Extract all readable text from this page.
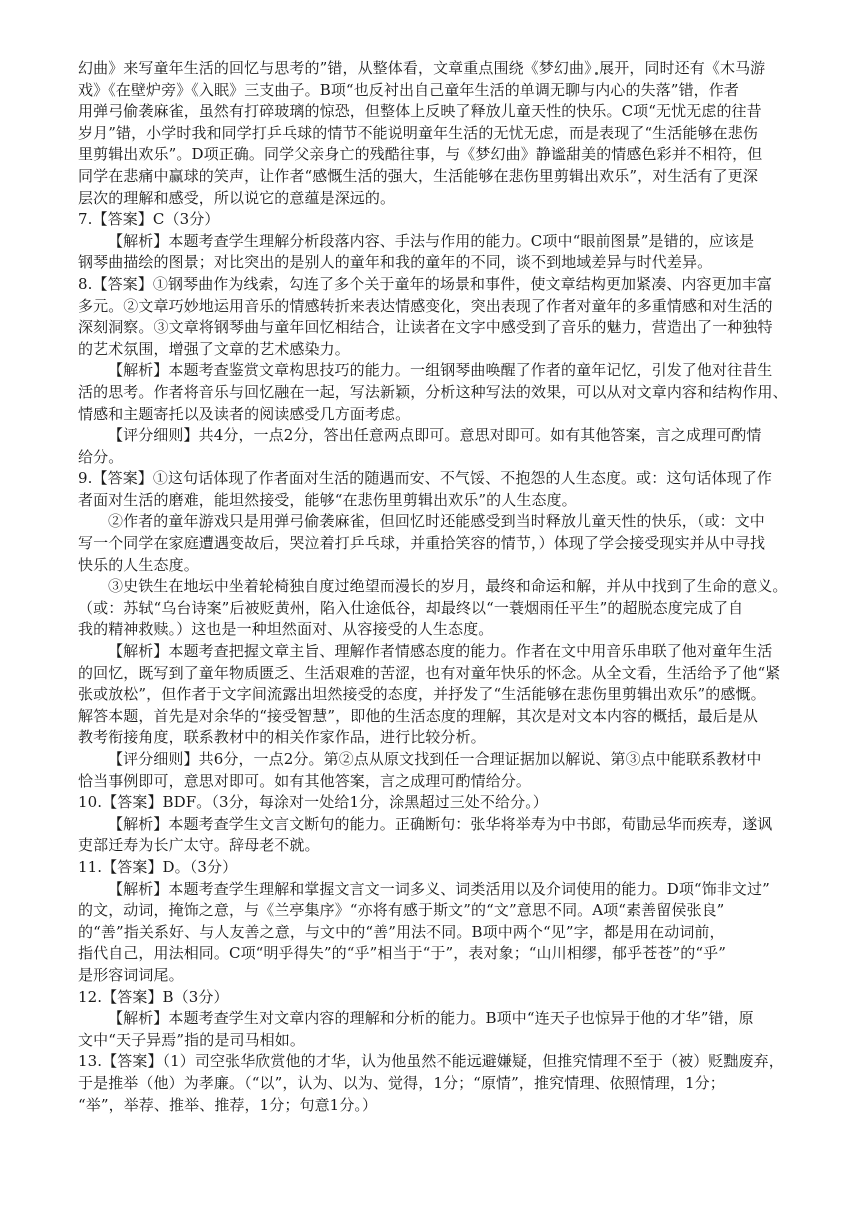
幻曲》来写童年生活的回忆与思考的”错，从整体看，文章重点围绕《梦幻曲》展开，同时还有《木马游
戏》《在壁炉旁》《入眠》三支曲子。B项“也反衬出自己童年生活的单调无聊与内心的失落”错，作者
用弹弓偷袭麻雀，虽然有打碎玻璃的惊恐，但整体上反映了释放儿童天性的快乐。C项“无忧无虑的往昔
岁月”错，小学时我和同学打乒乓球的情节不能说明童年生活的无忧无虑，而是表现了“生活能够在悲伤
里剪辑出欢乐”。D项正确。同学父亲身亡的残酷往事，与《梦幻曲》静谧甜美的情感色彩并不相符，但
同学在悲痛中赢球的笑声，让作者“感慨生活的强大，生活能够在悲伤里剪辑出欢乐”，对生活有了更深
层次的理解和感受，所以说它的意蕴是深远的。
7.【答案】C（3分）
【解析】本题考查学生理解分析段落内容、手法与作用的能力。C项中“眼前图景”是错的，应该是
钢琴曲描绘的图景；对比突出的是别人的童年和我的童年的不同，谈不到地域差异与时代差异。
8.【答案】①钢琴曲作为线索，勾连了多个关于童年的场景和事件，使文章结构更加紧凑、内容更加丰富
多元。②文章巧妙地运用音乐的情感转折来表达情感变化，突出表现了作者对童年的多重情感和对生活的
深刻洞察。③文章将钢琴曲与童年回忆相结合，让读者在文字中感受到了音乐的魅力，营造出了一种独特
的艺术氛围，增强了文章的艺术感染力。
【解析】本题考查鉴赏文章构思技巧的能力。一组钢琴曲唤醒了作者的童年记忆，引发了他对往昔生
活的思考。作者将音乐与回忆融在一起，写法新颖，分析这种写法的效果，可以从对文章内容和结构作用、
情感和主题寄托以及读者的阅读感受几方面考虑。
【评分细则】共4分，一点2分，答出任意两点即可。意思对即可。如有其他答案，言之成理可酌情
给分。
9.【答案】①这句话体现了作者面对生活的随遇而安、不气馁、不抱怨的人生态度。或：这句话体现了作
者面对生活的磨难，能坦然接受，能够“在悲伤里剪辑出欢乐”的人生态度。
②作者的童年游戏只是用弹弓偷袭麻雀，但回忆时还能感受到当时释放儿童天性的快乐，（或：文中
写一个同学在家庭遭遇变故后，哭泣着打乒乓球，并重拾笑容的情节，）体现了学会接受现实并从中寻找
快乐的人生态度。
③史铁生在地坛中坐着轮椅独自度过绝望而漫长的岁月，最终和命运和解，并从中找到了生命的意义。
（或：苏轼“乌台诗案”后被贬黄州，陷入仕途低谷，却最终以“一蓑烟雨任平生”的超脱态度完成了自
我的精神救赎。）这也是一种坦然面对、从容接受的人生态度。
【解析】本题考查把握文章主旨、理解作者情感态度的能力。作者在文中用音乐串联了他对童年生活
的回忆，既写到了童年物质匮乏、生活艰难的苦涩，也有对童年快乐的怀念。从全文看，生活给予了他“紧
张或放松”，但作者于文字间流露出坦然接受的态度，并抒发了“生活能够在悲伤里剪辑出欢乐”的感慨。
解答本题，首先是对余华的“接受智慧”，即他的生活态度的理解，其次是对文本内容的概括，最后是从
教考衔接角度，联系教材中的相关作家作品，进行比较分析。
【评分细则】共6分，一点2分。第②点从原文找到任一合理证据加以解说、第③点中能联系教材中
恰当事例即可，意思对即可。如有其他答案，言之成理可酌情给分。
10.【答案】BDF。（3分，每涂对一处给1分，涂黑超过三处不给分。）
【解析】本题考查学生文言文断句的能力。正确断句：张华将举寿为中书郎，荀勖忌华而疾寿，遂讽
吏部迁寿为长广太守。辞母老不就。
11.【答案】D。（3分）
【解析】本题考查学生理解和掌握文言文一词多义、词类活用以及介词使用的能力。D项“饰非文过”
的文，动词，掩饰之意，与《兰亭集序》“亦将有感于斯文”的“文”意思不同。A项“素善留侯张良”
的“善”指关系好、与人友善之意，与文中的“善”用法不同。B项中两个“见”字，都是用在动词前，
指代自己，用法相同。C项“明乎得失”的“乎”相当于“于”，表对象；“山川相缪，郁乎苍苍”的“乎”
是形容词词尾。
12.【答案】B（3分）
【解析】本题考查学生对文章内容的理解和分析的能力。B项中“连天子也惊异于他的才华”错，原
文中“天子异焉”指的是司马相如。
13.【答案】（1）司空张华欣赏他的才华，认为他虽然不能远避嫌疑，但推究情理不至于（被）贬黜废弃，
于是推举（他）为孝廉。（“以”，认为、以为、觉得，1分；“原情”，推究情理、依照情理，1分；
“举”，举荐、推举、推荐，1分；句意1分。）
